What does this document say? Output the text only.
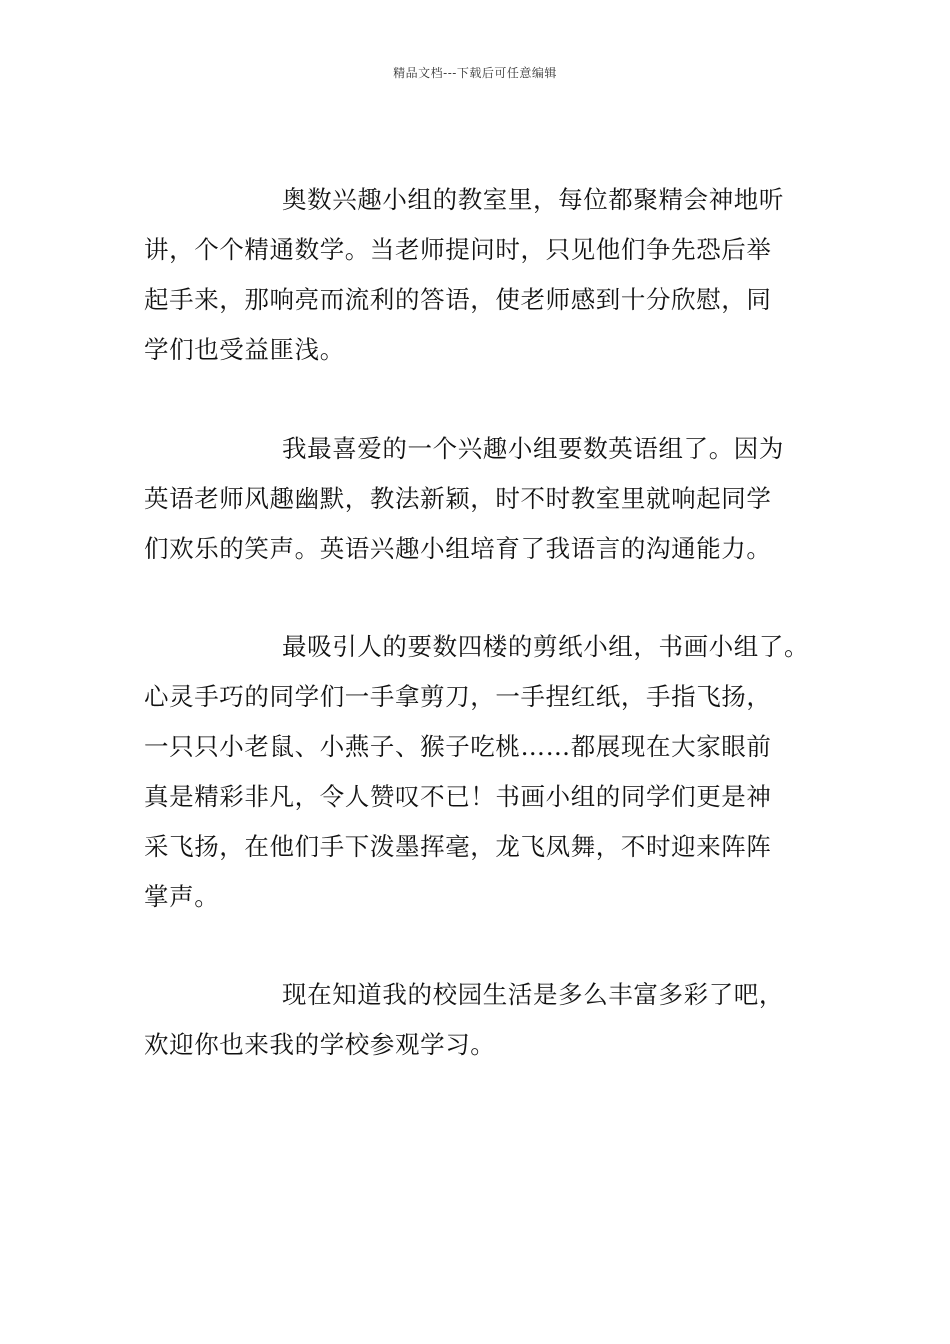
精品文档---下载后可任意编辑
奥数兴趣小组的教室里，每位都聚精会神地听
讲，个个精通数学。当老师提问时，只见他们争先恐后举
起手来，那响亮而流利的答语，使老师感到十分欣慰，同
学们也受益匪浅。
我最喜爱的一个兴趣小组要数英语组了。因为
英语老师风趣幽默，教法新颖，时不时教室里就响起同学
们欢乐的笑声。英语兴趣小组培育了我语言的沟通能力。
最吸引人的要数四楼的剪纸小组，书画小组了。
心灵手巧的同学们一手拿剪刀，一手捏红纸，手指飞扬，
一只只小老鼠、小燕子、猴子吃桃……都展现在大家眼前
真是精彩非凡，令人赞叹不已！书画小组的同学们更是神
采飞扬，在他们手下泼墨挥毫，龙飞凤舞，不时迎来阵阵
掌声。
现在知道我的校园生活是多么丰富多彩了吧，
欢迎你也来我的学校参观学习。
